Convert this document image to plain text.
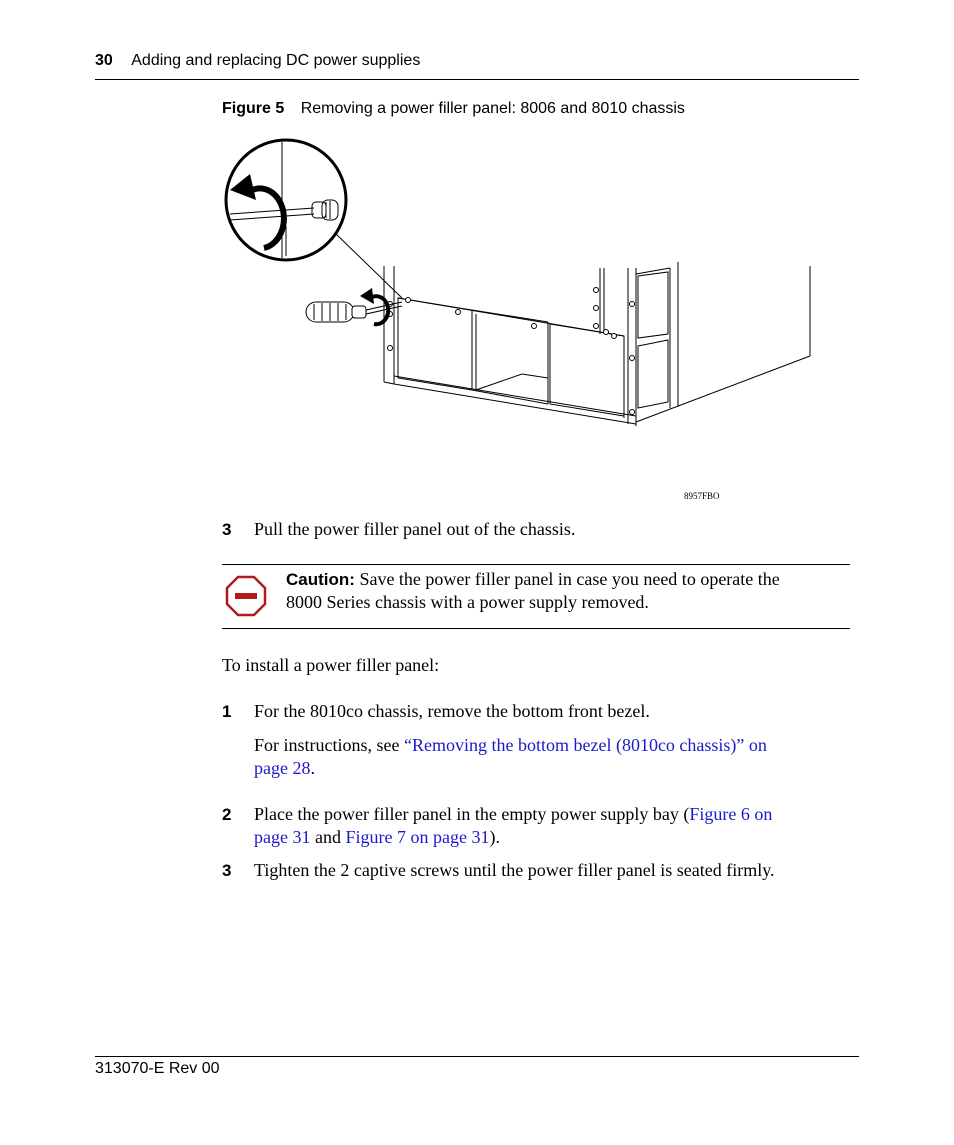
30 Adding and replacing DC power supplies
Figure 5 Removing a power filler panel: 8006 and 8010 chassis
8957FBO
3 Pull the power filler panel out of the chassis.
Caution: Save the power filler panel in case you need to operate the
8000 Series chassis with a power supply removed.
To install a power filler panel:
1 For the 8010co chassis, remove the bottom front bezel.
For instructions, see “Removing the bottom bezel (8010co chassis)” on
page 28.
2 Place the power filler panel in the empty power supply bay (Figure 6 on
page 31 and Figure 7 on page 31).
3 Tighten the 2 captive screws until the power filler panel is seated firmly.
313070-E Rev 00
